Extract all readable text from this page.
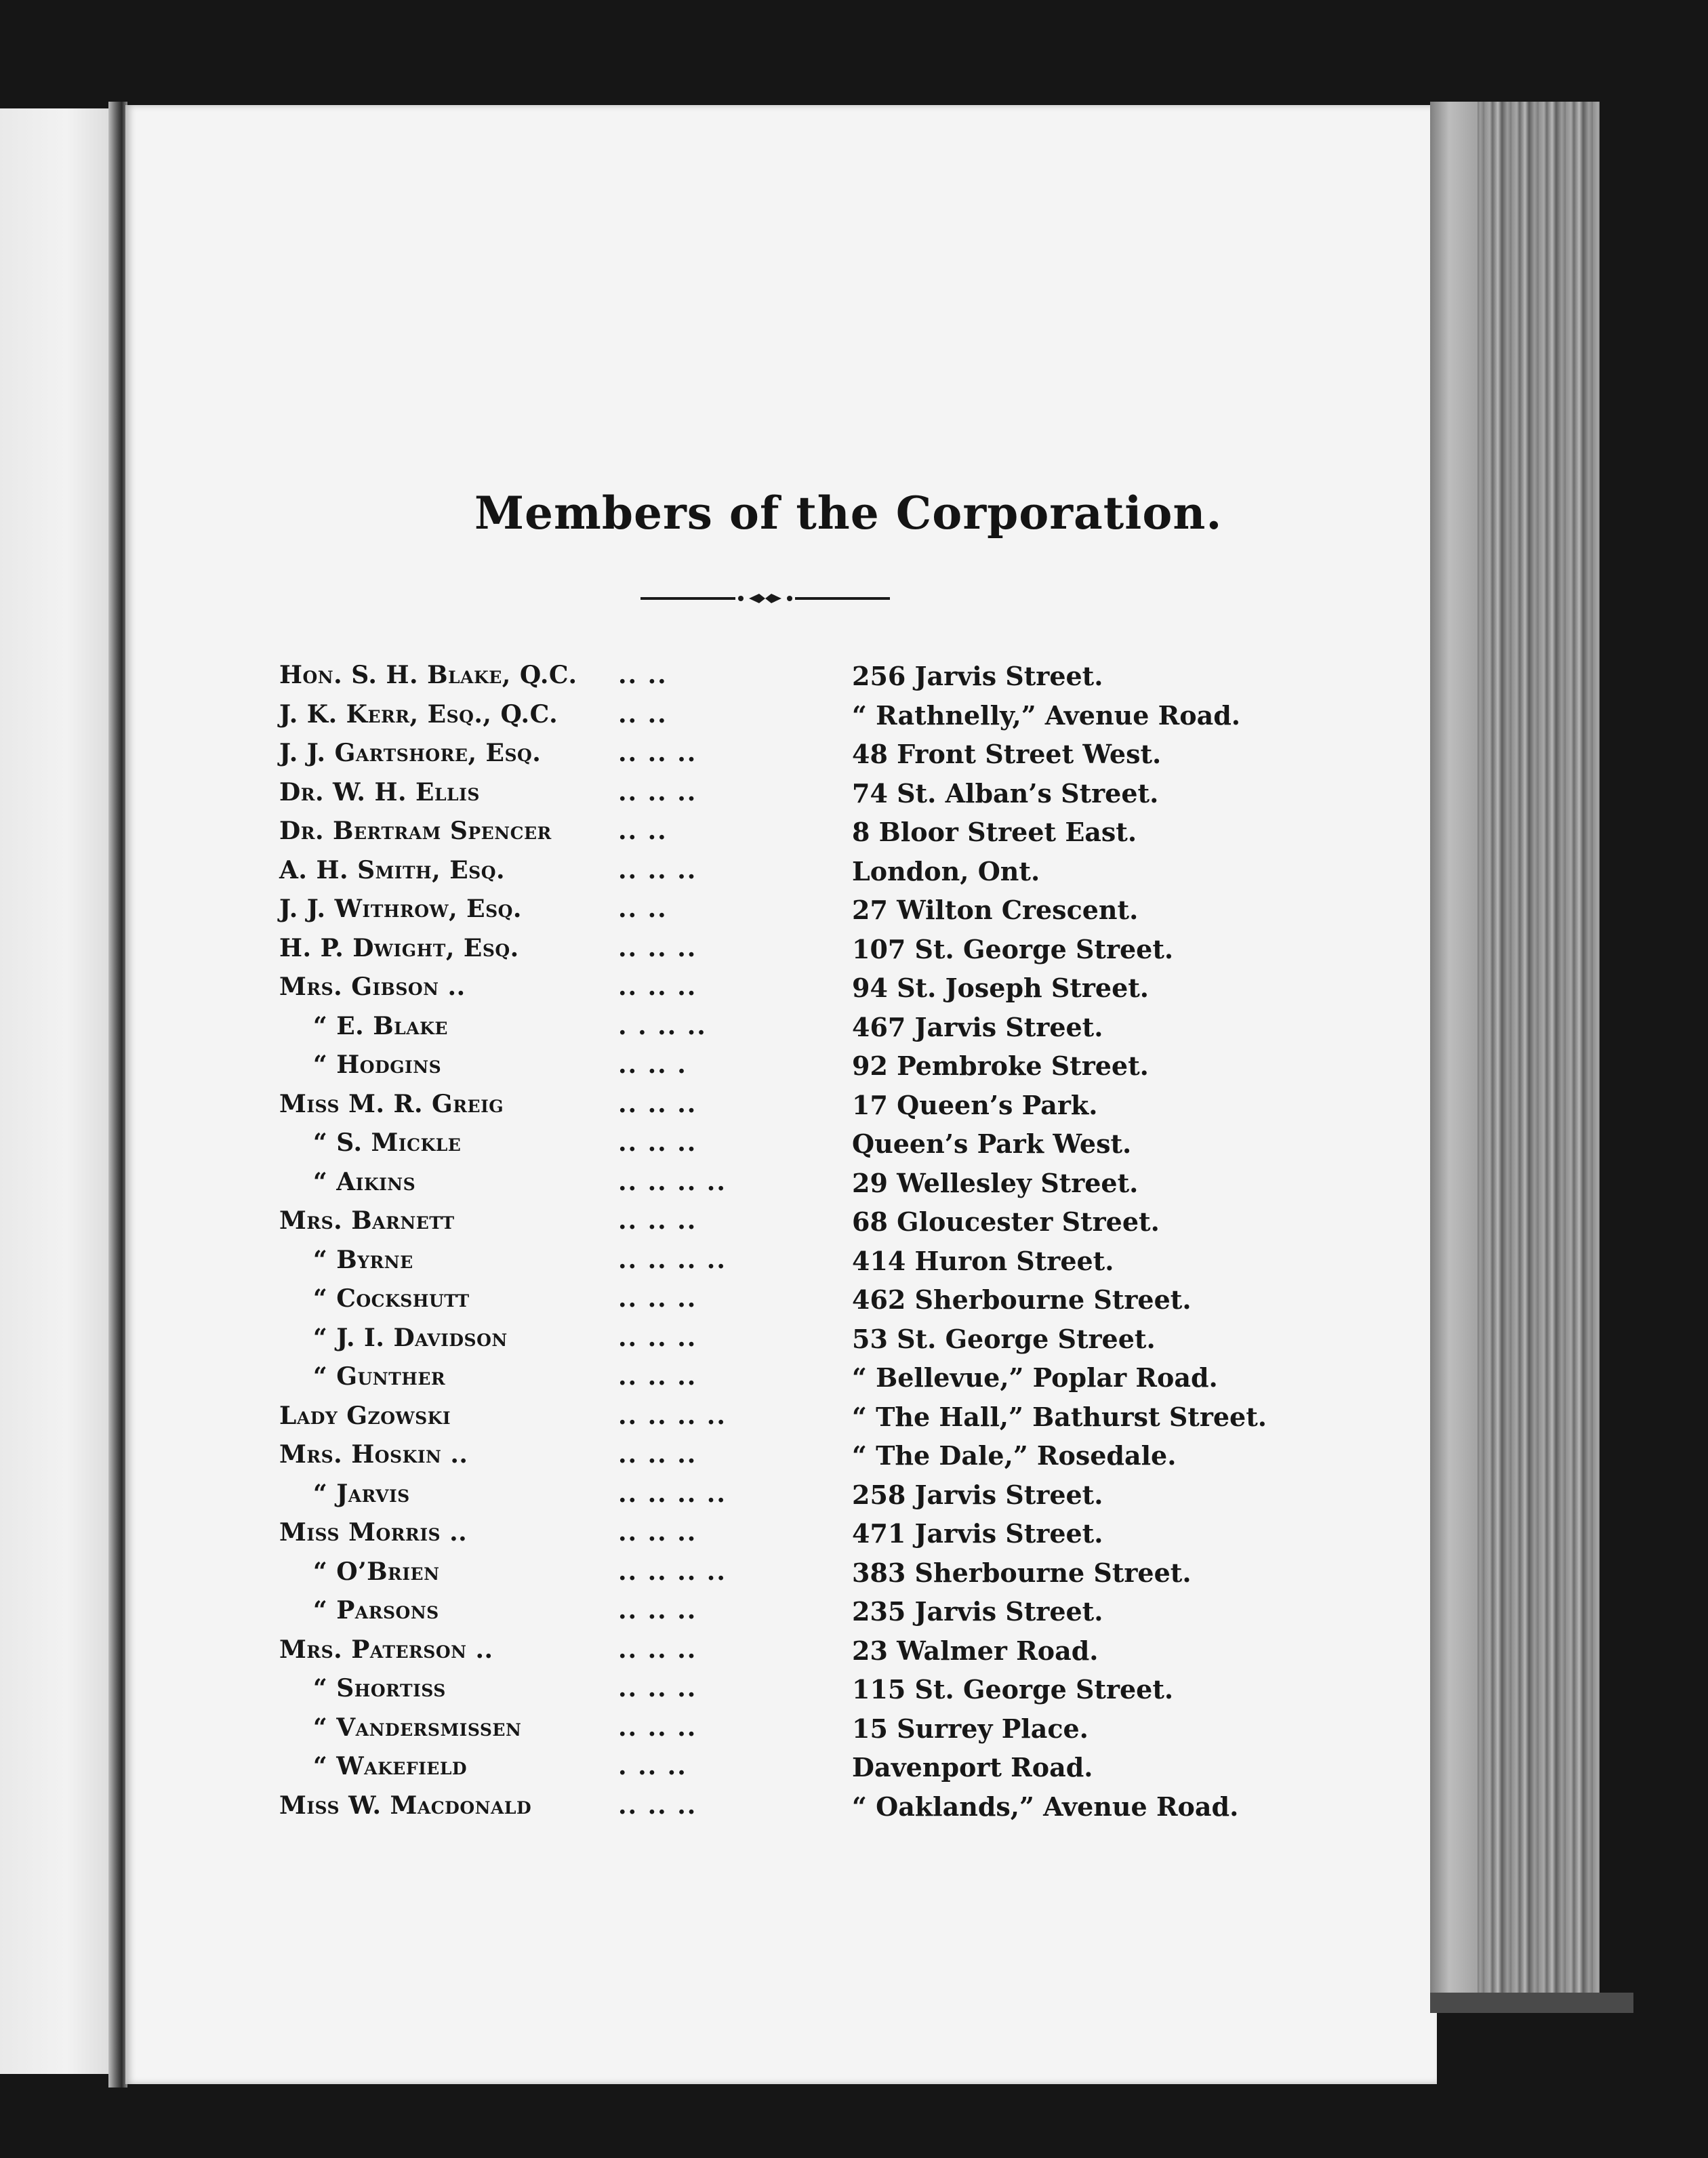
Members of the Corporation.
Hon. S. H. Blake, Q.C. .. ..	256 Jarvis Street.
J. K. Kerr, Esq., Q.C. .. ..	“ Rathnelly,” Avenue Road.
J. J. Gartshore, Esq.	.. .. ..	48 Front Street West.
Dr. W. H. Ellis	.. .. ..	74 St. Alban’s Street.
Dr. Bertram Spencer	.. ..	8 Bloor Street East.
A. H. Smith, Esq.	.. .. ..	London, Ont.
J. J. Withrow, Esq.	.. ..	27 Wilton Crescent.
H. P. Dwight, Esq.	.. .. ..	107 St. George Street.
Mrs. Gibson ..	.. .. ..	94 St. Joseph Street.
“ E. Blake	. . .. ..	467 Jarvis Street.
“ Hodgins	.. .. .	92 Pembroke Street.
Miss M. R. Greig	.. .. ..	17 Queen’s Park.
“ S. Mickle	.. .. ..	Queen’s Park West.
“ Aikins	.. .. .. ..	29 Wellesley Street.
Mrs. Barnett	.. .. ..	68 Gloucester Street.
“ Byrne	.. .. .. ..	414 Huron Street.
“ Cockshutt	.. .. ..	462 Sherbourne Street.
“ J. I. Davidson	.. .. ..	53 St. George Street.
“ Gunther	.. .. ..	“ Bellevue,” Poplar Road.
Lady Gzowski	.. .. .. ..	“ The Hall,” Bathurst Street.
Mrs. Hoskin ..	.. .. ..	“ The Dale,” Rosedale.
“ Jarvis	.. .. .. ..	258 Jarvis Street.
Miss Morris ..	.. .. ..	471 Jarvis Street.
“ O’Brien	.. .. .. ..	383 Sherbourne Street.
“ Parsons	.. .. ..	235 Jarvis Street.
Mrs. Paterson ..	.. .. ..	23 Walmer Road.
“ Shortiss	.. .. ..	115 St. George Street.
“ Vandersmissen	.. .. ..	15 Surrey Place.
“ Wakefield	. .. ..	Davenport Road.
Miss W. Macdonald	.. .. ..	“ Oaklands,” Avenue Road.
